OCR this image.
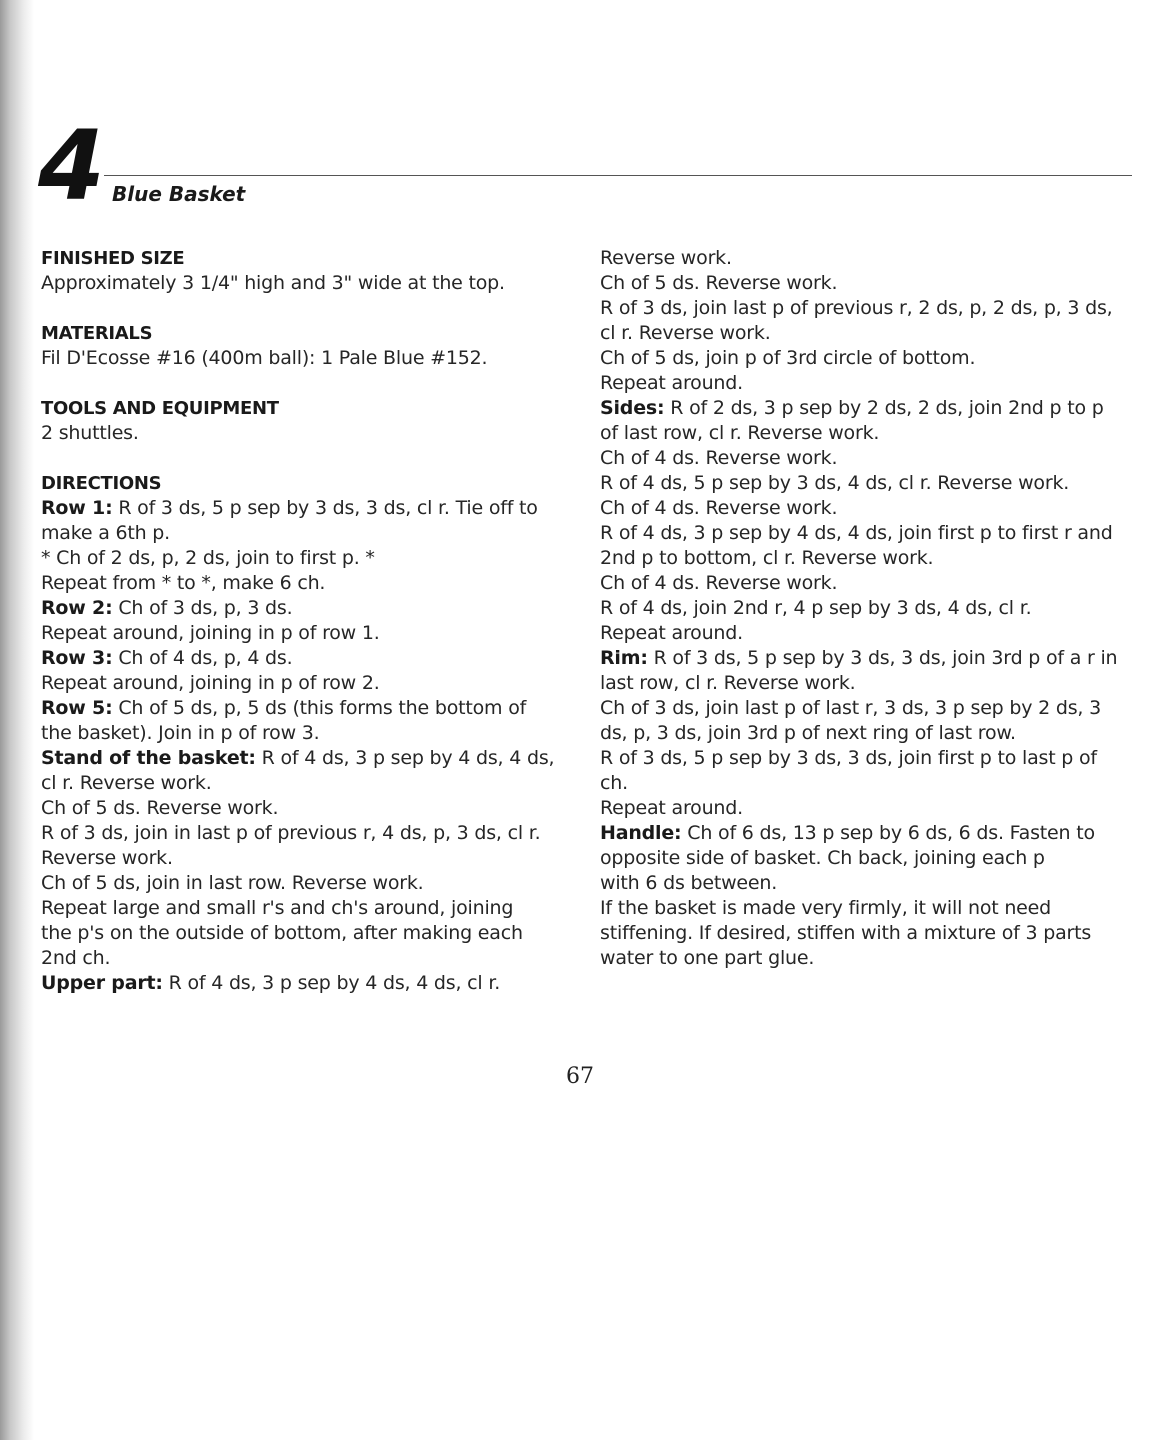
4 Blue Basket
FINISHED SIZE
Approximately 3 1/4" high and 3" wide at the top.
MATERIALS
Fil D'Ecosse #16 (400m ball): 1 Pale Blue #152.
TOOLS AND EQUIPMENT
2 shuttles.
DIRECTIONS
Row 1: R of 3 ds, 5 p sep by 3 ds, 3 ds, cl r. Tie off to
make a 6th p.
* Ch of 2 ds, p, 2 ds, join to first p. *
Repeat from * to *, make 6 ch.
Row 2: Ch of 3 ds, p, 3 ds.
Repeat around, joining in p of row 1.
Row 3: Ch of 4 ds, p, 4 ds.
Repeat around, joining in p of row 2.
Row 5: Ch of 5 ds, p, 5 ds (this forms the bottom of
the basket). Join in p of row 3.
Stand of the basket: R of 4 ds, 3 p sep by 4 ds, 4 ds,
cl r. Reverse work.
Ch of 5 ds. Reverse work.
R of 3 ds, join in last p of previous r, 4 ds, p, 3 ds, cl r.
Reverse work.
Ch of 5 ds, join in last row. Reverse work.
Repeat large and small r's and ch's around, joining
the p's on the outside of bottom, after making each
2nd ch.
Upper part: R of 4 ds, 3 p sep by 4 ds, 4 ds, cl r.
Reverse work.
Ch of 5 ds. Reverse work.
R of 3 ds, join last p of previous r, 2 ds, p, 2 ds, p, 3 ds,
cl r. Reverse work.
Ch of 5 ds, join p of 3rd circle of bottom.
Repeat around.
Sides: R of 2 ds, 3 p sep by 2 ds, 2 ds, join 2nd p to p
of last row, cl r. Reverse work.
Ch of 4 ds. Reverse work.
R of 4 ds, 5 p sep by 3 ds, 4 ds, cl r. Reverse work.
Ch of 4 ds. Reverse work.
R of 4 ds, 3 p sep by 4 ds, 4 ds, join first p to first r and
2nd p to bottom, cl r. Reverse work.
Ch of 4 ds. Reverse work.
R of 4 ds, join 2nd r, 4 p sep by 3 ds, 4 ds, cl r.
Repeat around.
Rim: R of 3 ds, 5 p sep by 3 ds, 3 ds, join 3rd p of a r in
last row, cl r. Reverse work.
Ch of 3 ds, join last p of last r, 3 ds, 3 p sep by 2 ds, 3
ds, p, 3 ds, join 3rd p of next ring of last row.
R of 3 ds, 5 p sep by 3 ds, 3 ds, join first p to last p of
ch.
Repeat around.
Handle: Ch of 6 ds, 13 p sep by 6 ds, 6 ds. Fasten to
opposite side of basket. Ch back, joining each p
with 6 ds between.
If the basket is made very firmly, it will not need
stiffening. If desired, stiffen with a mixture of 3 parts
water to one part glue.
67
